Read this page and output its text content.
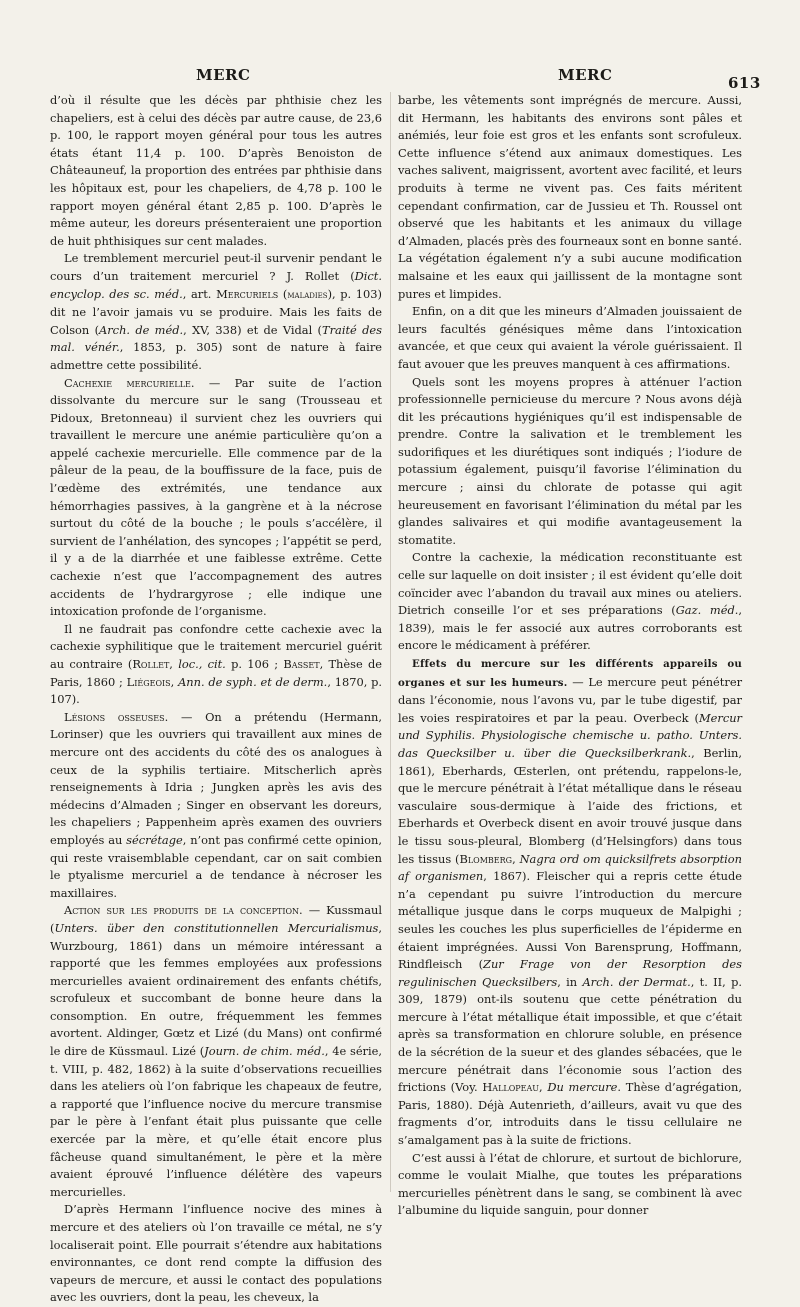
MERC	MERC	613

d’où il résulte que les décès par phthisie chez les chapeliers, est à celui des décès par autre cause, de 23,6 p. 100, le rapport moyen général pour tous les autres états étant 11,4 p. 100. D’après Benoiston de Châteauneuf, la proportion des entrées par phthisie dans les hôpitaux est, pour les chapeliers, de 4,78 p. 100 le rapport moyen général étant 2,85 p. 100. D’après le même auteur, les doreurs présenteraient une proportion de huit phthisiques sur cent malades.

Le tremblement mercuriel peut-il survenir pendant le cours d’un traitement mercuriel ? J. Rollet (Dict. encyclop. des sc. méd., art. Mercuriels (maladies), p. 103) dit ne l’avoir jamais vu se produire. Mais les faits de Colson (Arch. de méd., XV, 338) et de Vidal (Traité des mal. vénér., 1853, p. 305) sont de nature à faire admettre cette possibilité.

Cachexie mercurielle. — Par suite de l’action dissolvante du mercure sur le sang (Trousseau et Pidoux, Bretonneau) il survient chez les ouvriers qui travaillent le mercure une anémie particulière qu’on a appelé cachexie mercurielle. Elle commence par de la pâleur de la peau, de la bouffissure de la face, puis de l’œdème des extrémités, une tendance aux hémorrhagies passives, à la gangrène et à la nécrose surtout du côté de la bouche ; le pouls s’accélère, il survient de l’anhélation, des syncopes ; l’appétit se perd, il y a de la diarrhée et une faiblesse extrême. Cette cachexie n’est que l’accompagnement des autres accidents de l’hydrargyrose ; elle indique une intoxication profonde de l’organisme.

Il ne faudrait pas confondre cette cachexie avec la cachexie syphilitique que le traitement mercuriel guérit au contraire (Rollet, loc., cit. p. 106 ; Basset, Thèse de Paris, 1860 ; Liégeois, Ann. de syph. et de derm., 1870, p. 107).

Lésions osseuses. — On a prétendu (Hermann, Lorinser) que les ouvriers qui travaillent aux mines de mercure ont des accidents du côté des os analogues à ceux de la syphilis tertiaire. Mitscherlich après renseignements à Idria ; Jungken après les avis des médecins d’Almaden ; Singer en observant les doreurs, les chapeliers ; Pappenheim après examen des ouvriers employés au sécrétage, n’ont pas confirmé cette opinion, qui reste vraisemblable cependant, car on sait combien le ptyalisme mercuriel a de tendance à nécroser les maxillaires.

Action sur les produits de la conception. — Kussmaul (Unters. über den constitutionnellen Mercurialismus, Wurzbourg, 1861) dans un mémoire intéressant a rapporté que les femmes employées aux professions mercurielles avaient ordinairement des enfants chétifs, scrofuleux et succombant de bonne heure dans la consomption. En outre, fréquemment les femmes avortent. Aldinger, Gœtz et Lizé (du Mans) ont confirmé le dire de Küssmaul. Lizé (Journ. de chim. méd., 4e série, t. VIII, p. 482, 1862) à la suite d’observations recueillies dans les ateliers où l’on fabrique les chapeaux de feutre, a rapporté que l’influence nocive du mercure transmise par le père à l’enfant était plus puissante que celle exercée par la mère, et qu’elle était encore plus fâcheuse quand simultanément, le père et la mère avaient éprouvé l’influence délétère des vapeurs mercurielles.

D’après Hermann l’influence nocive des mines à mercure et des ateliers où l’on travaille ce métal, ne s’y localiserait point. Elle pourrait s’étendre aux habitations environnantes, ce dont rend compte la diffusion des vapeurs de mercure, et aussi le contact des populations avec les ouvriers, dont la peau, les cheveux, la

barbe, les vêtements sont imprégnés de mercure. Aussi, dit Hermann, les habitants des environs sont pâles et anémiés, leur foie est gros et les enfants sont scrofuleux. Cette influence s’étend aux animaux domestiques. Les vaches salivent, maigrissent, avortent avec facilité, et leurs produits à terme ne vivent pas. Ces faits méritent cependant confirmation, car de Jussieu et Th. Roussel ont observé que les habitants et les animaux du village d’Almaden, placés près des fourneaux sont en bonne santé. La végétation également n’y a subi aucune modification malsaine et les eaux qui jaillissent de la montagne sont pures et limpides.

Enfin, on a dit que les mineurs d’Almaden jouissaient de leurs facultés génésiques même dans l’intoxication avancée, et que ceux qui avaient la vérole guérissaient. Il faut avouer que les preuves manquent à ces affirmations.

Quels sont les moyens propres à atténuer l’action professionnelle pernicieuse du mercure ? Nous avons déjà dit les précautions hygiéniques qu’il est indispensable de prendre. Contre la salivation et le tremblement les sudorifiques et les diurétiques sont indiqués ; l’iodure de potassium également, puisqu’il favorise l’élimination du mercure ; ainsi du chlorate de potasse qui agit heureusement en favorisant l’élimination du métal par les glandes salivaires et qui modifie avantageusement la stomatite.

Contre la cachexie, la médication reconstituante est celle sur laquelle on doit insister ; il est évident qu’elle doit coïncider avec l’abandon du travail aux mines ou ateliers. Dietrich conseille l’or et ses préparations (Gaz. méd., 1839), mais le fer associé aux autres corroborants est encore le médicament à préférer.

Effets du mercure sur les différents appareils ou organes et sur les humeurs. — Le mercure peut pénétrer dans l’économie, nous l’avons vu, par le tube digestif, par les voies respiratoires et par la peau. Overbeck (Mercur und Syphilis. Physiologische chemische u. patho. Unters. das Quecksilber u. über die Quecksilberkrank., Berlin, 1861), Eberhards, Œsterlen, ont prétendu, rappelons-le, que le mercure pénétrait à l’état métallique dans le réseau vasculaire sous-dermique à l’aide des frictions, et Eberhards et Overbeck disent en avoir trouvé jusque dans le tissu sous-pleural, Blomberg (d’Helsingfors) dans tous les tissus (Blomberg, Nagra ord om quicksilfrets absorption af organismen, 1867). Fleischer qui a repris cette étude n’a cependant pu suivre l’introduction du mercure métallique jusque dans le corps muqueux de Malpighi ; seules les couches les plus superficielles de l’épiderme en étaient imprégnées. Aussi Von Barensprung, Hoffmann, Rindfleisch (Zur Frage von der Resorption des regulinischen Quecksilbers, in Arch. der Dermat., t. II, p. 309, 1879) ont-ils soutenu que cette pénétration du mercure à l’état métallique était impossible, et que c’était après sa transformation en chlorure soluble, en présence de la sécrétion de la sueur et des glandes sébacées, que le mercure pénétrait dans l’économie sous l’action des frictions (Voy. Hallopeau, Du mercure. Thèse d’agrégation, Paris, 1880). Déjà Autenrieth, d’ailleurs, avait vu que des fragments d’or, introduits dans le tissu cellulaire ne s’amalgament pas à la suite de frictions.

C’est aussi à l’état de chlorure, et surtout de bichlorure, comme le voulait Mialhe, que toutes les préparations mercurielles pénètrent dans le sang, se combinent là avec l’albumine du liquide sanguin, pour donner
